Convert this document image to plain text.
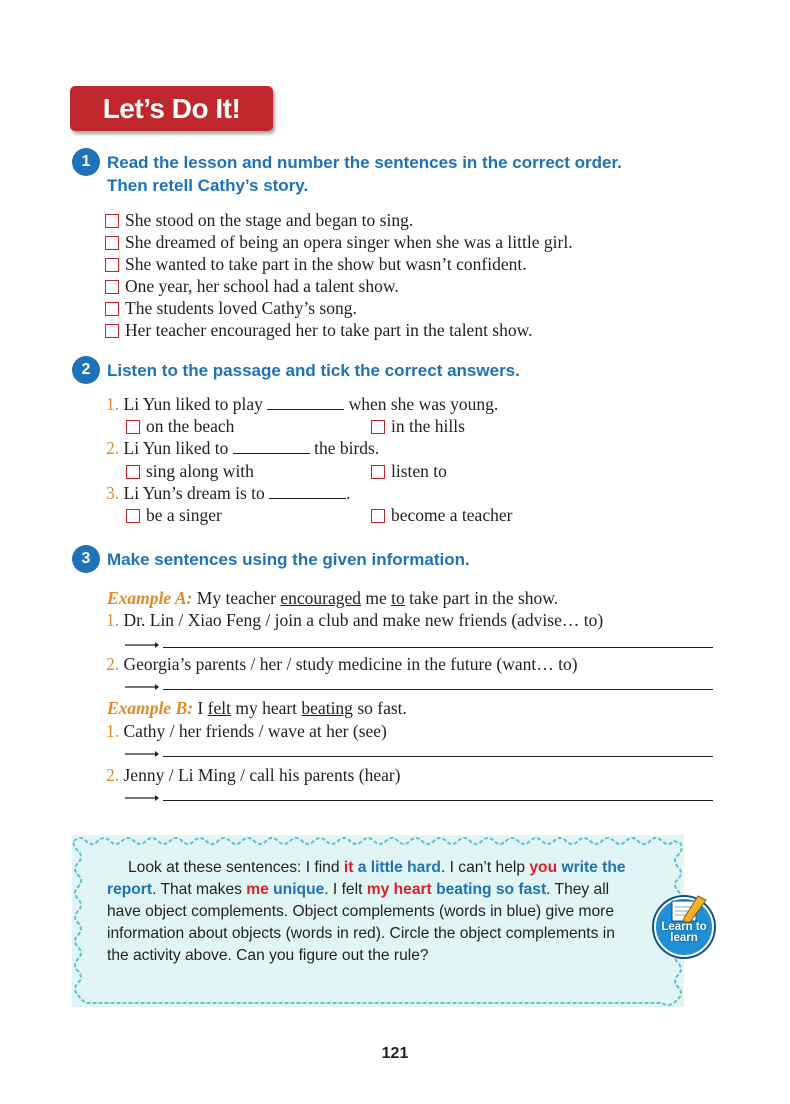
Let’s Do It!
1 Read the lesson and number the sentences in the correct order.
Then retell Cathy’s story.
She stood on the stage and began to sing.
She dreamed of being an opera singer when she was a little girl.
She wanted to take part in the show but wasn’t confident.
One year, her school had a talent show.
The students loved Cathy’s song.
Her teacher encouraged her to take part in the talent show.
2 Listen to the passage and tick the correct answers.
1. Li Yun liked to play	when she was young.
on the beach	in the hills
2. Li Yun liked to	the birds.
sing along with	listen to
3. Li Yun’s dream is to	.
be a singer	become a teacher
3 Make sentences using the given information.
Example A: My teacher encouraged me to take part in the show.
1. Dr. Lin / Xiao Feng / join a club and make new friends (advise… to)
2. Georgia’s parents / her / study medicine in the future (want… to)
Example B: I felt my heart beating so fast.
1. Cathy / her friends / wave at her (see)
2. Jenny / Li Ming / call his parents (hear)

Look at these sentences: I find it a little hard. I can’t help you write the report. That makes me unique. I felt my heart beating so fast. They all have object complements. Object complements (words in blue) give more information about objects (words in red). Circle the object complements in the activity above. Can you figure out the rule?

Learn to
learn
121
